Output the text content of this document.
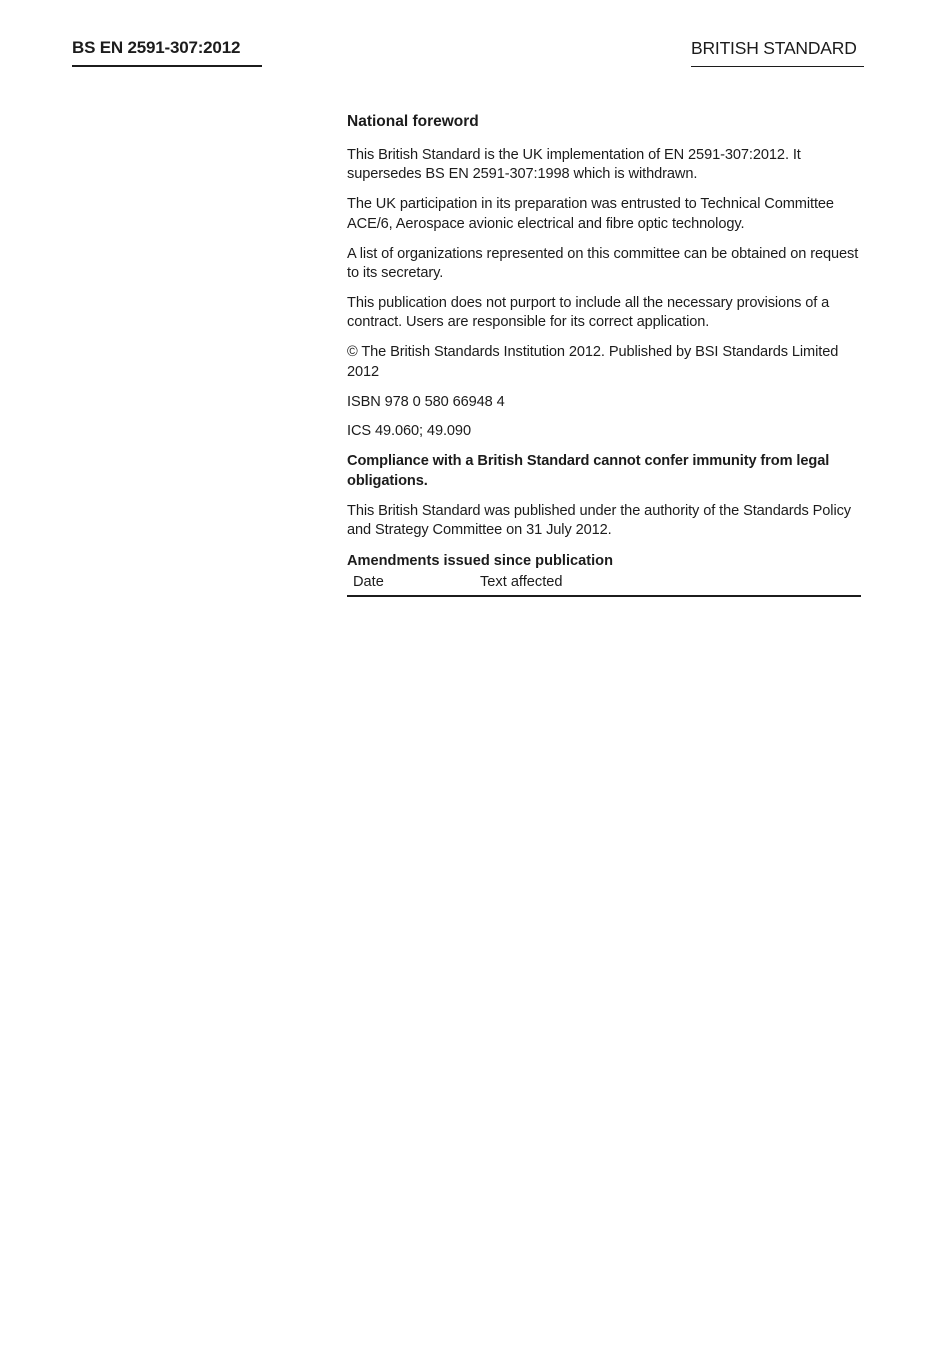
BS EN 2591-307:2012	BRITISH STANDARD
National foreword

This British Standard is the UK implementation of EN 2591-307:2012. It supersedes BS EN 2591-307:1998 which is withdrawn.

The UK participation in its preparation was entrusted to Technical Committee ACE/6, Aerospace avionic electrical and fibre optic technology.

A list of organizations represented on this committee can be obtained on request to its secretary.

This publication does not purport to include all the necessary provisions of a contract. Users are responsible for its correct application.

© The British Standards Institution 2012. Published by BSI Standards Limited 2012

ISBN 978 0 580 66948 4

ICS 49.060; 49.090

Compliance with a British Standard cannot confer immunity from legal obligations.

This British Standard was published under the authority of the Standards Policy and Strategy Committee on 31 July 2012.

Amendments issued since publication
Date	Text affected
